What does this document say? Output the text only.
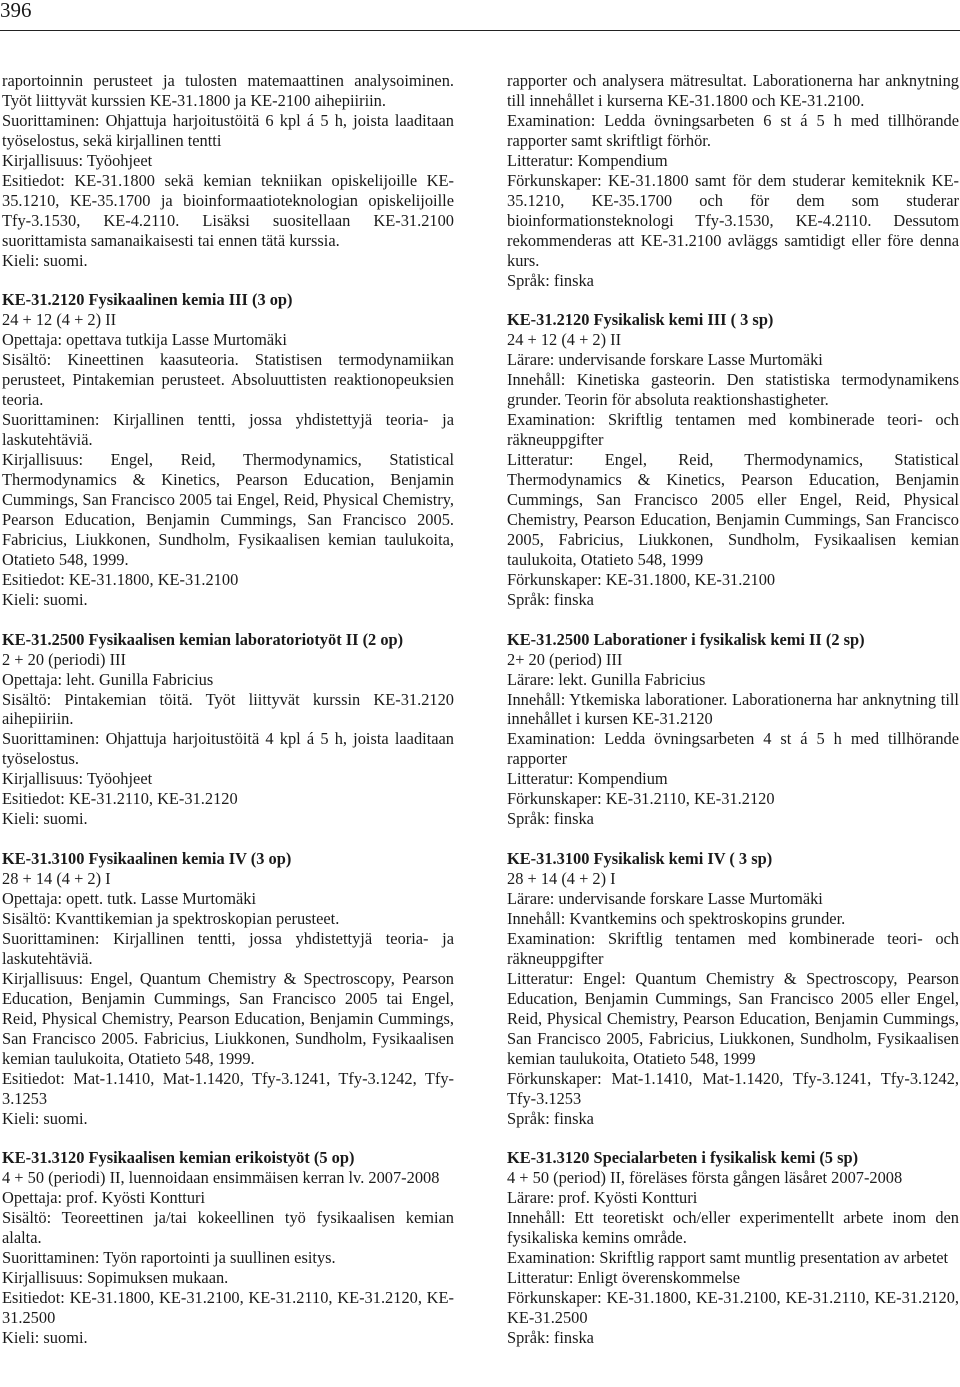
396

raportoinnin perusteet ja tulosten matemaattinen analysoiminen. Työt liittyvät kurssien KE-31.1800 ja KE-2100 aihepiiriin.

Suorittaminen: Ohjattuja harjoitustöitä 6 kpl á 5 h, joista laaditaan työselostus, sekä kirjallinen tentti

Kirjallisuus: Työohjeet

Esitiedot: KE-31.1800 sekä kemian tekniikan opiskelijoille KE-35.1210, KE-35.1700 ja bioinformaatioteknologian opiskelijoille Tfy-3.1530, KE-4.2110. Lisäksi suositellaan KE-31.2100 suorittamista samanaikaisesti tai ennen tätä kurssia.

Kieli: suomi.

KE-31.2120 Fysikaalinen kemia III (3 op)

24 + 12 (4 + 2) II

Opettaja: opettava tutkija Lasse Murtomäki

Sisältö: Kineettinen kaasuteoria. Statistisen termodynamiikan perusteet, Pintakemian perusteet. Absoluuttisten reaktionopeuksien teoria.

Suorittaminen: Kirjallinen tentti, jossa yhdistettyjä teoria- ja laskutehtäviä.

Kirjallisuus: Engel, Reid, Thermodynamics, Statistical Thermodynamics & Kinetics, Pearson Education, Benjamin Cummings, San Francisco 2005 tai Engel, Reid, Physical Chemistry, Pearson Education, Benjamin Cummings, San Francisco 2005. Fabricius, Liukkonen, Sundholm, Fysikaalisen kemian taulukoita, Otatieto 548, 1999.

Esitiedot: KE-31.1800, KE-31.2100

Kieli: suomi.

KE-31.2500 Fysikaalisen kemian laboratoriotyöt II (2 op)

2 + 20 (periodi) III

Opettaja: leht. Gunilla Fabricius

Sisältö: Pintakemian töitä. Työt liittyvät kurssin KE-31.2120 aihepiiriin.

Suorittaminen: Ohjattuja harjoitustöitä 4 kpl á 5 h, joista laaditaan työselostus.

Kirjallisuus: Työohjeet

Esitiedot: KE-31.2110, KE-31.2120

Kieli: suomi.

KE-31.3100 Fysikaalinen kemia IV (3 op)

28 + 14 (4 + 2) I

Opettaja: opett. tutk. Lasse Murtomäki

Sisältö: Kvanttikemian ja spektroskopian perusteet.

Suorittaminen: Kirjallinen tentti, jossa yhdistettyjä teoria- ja laskutehtäviä.

Kirjallisuus: Engel, Quantum Chemistry & Spectroscopy, Pearson Education, Benjamin Cummings, San Francisco 2005 tai Engel, Reid, Physical Chemistry, Pearson Education, Benjamin Cummings, San Francisco 2005. Fabricius, Liukkonen, Sundholm, Fysikaalisen kemian taulukoita, Otatieto 548, 1999.

Esitiedot: Mat-1.1410, Mat-1.1420, Tfy-3.1241, Tfy-3.1242, Tfy-3.1253

Kieli: suomi.

KE-31.3120 Fysikaalisen kemian erikoistyöt (5 op)

4 + 50 (periodi) II, luennoidaan ensimmäisen kerran lv. 2007-2008

Opettaja: prof. Kyösti Kontturi

Sisältö: Teoreettinen ja/tai kokeellinen työ fysikaalisen kemian alalta.

Suorittaminen: Työn raportointi ja suullinen esitys.

Kirjallisuus: Sopimuksen mukaan.

Esitiedot: KE-31.1800, KE-31.2100, KE-31.2110, KE-31.2120, KE-31.2500

Kieli: suomi.

rapporter och analysera mätresultat. Laborationerna har anknytning till innehållet i kurserna KE-31.1800 och KE-31.2100.

Examination: Ledda övningsarbeten 6 st á 5 h med tillhörande rapporter samt skriftligt förhör.

Litteratur: Kompendium

Förkunskaper: KE-31.1800 samt för dem studerar kemiteknik KE-35.1210, KE-35.1700 och för dem som studerar bioinformationsteknologi Tfy-3.1530, KE-4.2110. Dessutom rekommenderas att KE-31.2100 avläggs samtidigt eller före denna kurs.

Språk: finska

KE-31.2120 Fysikalisk kemi III ( 3 sp)

24 + 12 (4 + 2) II

Lärare: undervisande forskare Lasse Murtomäki

Innehåll: Kinetiska gasteorin. Den statistiska termodynamikens grunder. Teorin för absoluta reaktionshastigheter.

Examination: Skriftlig tentamen med kombinerade teori- och räkneuppgifter

Litteratur: Engel, Reid, Thermodynamics, Statistical Thermodynamics & Kinetics, Pearson Education, Benjamin Cummings, San Francisco 2005 eller Engel, Reid, Physical Chemistry, Pearson Education, Benjamin Cummings, San Francisco 2005, Fabricius, Liukkonen, Sundholm, Fysikaalisen kemian taulukoita, Otatieto 548, 1999

Förkunskaper: KE-31.1800, KE-31.2100

Språk: finska

KE-31.2500 Laborationer i fysikalisk kemi II (2 sp)

2+ 20 (period) III

Lärare: lekt. Gunilla Fabricius

Innehåll: Ytkemiska laborationer. Laborationerna har anknytning till innehållet i kursen KE-31.2120

Examination: Ledda övningsarbeten 4 st á 5 h med tillhörande rapporter

Litteratur: Kompendium

Förkunskaper: KE-31.2110, KE-31.2120

Språk: finska

KE-31.3100 Fysikalisk kemi IV ( 3 sp)

28 + 14 (4 + 2) I

Lärare: undervisande forskare Lasse Murtomäki

Innehåll: Kvantkemins och spektroskopins grunder.

Examination: Skriftlig tentamen med kombinerade teori- och räkneuppgifter

Litteratur: Engel: Quantum Chemistry & Spectroscopy, Pearson Education, Benjamin Cummings, San Francisco 2005 eller Engel, Reid, Physical Chemistry, Pearson Education, Benjamin Cummings, San Francisco 2005, Fabricius, Liukkonen, Sundholm, Fysikaalisen kemian taulukoita, Otatieto 548, 1999

Förkunskaper: Mat-1.1410, Mat-1.1420, Tfy-3.1241, Tfy-3.1242, Tfy-3.1253

Språk: finska

KE-31.3120 Specialarbeten i fysikalisk kemi (5 sp)

4 + 50 (period) II, föreläses första gången läsåret 2007-2008

Lärare: prof. Kyösti Kontturi

Innehåll: Ett teoretiskt och/eller experimentellt arbete inom den fysikaliska kemins område.

Examination: Skriftlig rapport samt muntlig presentation av arbetet

Litteratur: Enligt överenskommelse

Förkunskaper: KE-31.1800, KE-31.2100, KE-31.2110, KE-31.2120, KE-31.2500

Språk: finska
